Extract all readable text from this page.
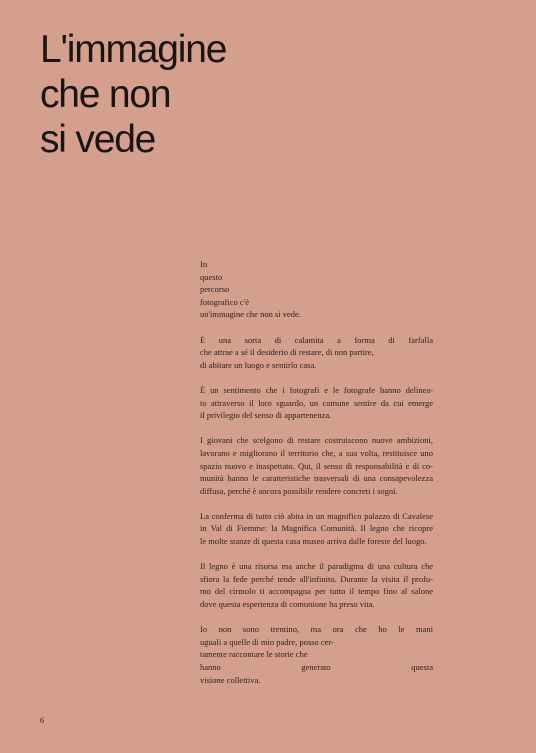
L'immagine
che non
si vede
In
questo
percorso
fotografico c'è
un'immagine che non si vede.
È una sorta di calamita a forma di farfalla
che attrae a sé il desiderio di restare, di non partire,
di abitare un luogo e sentirlo casa.
È un sentimento che i fotografi e le fotografe hanno delinea-
to attraverso il loro sguardo, un comune sentire da cui emerge
il privilegio del senso di appartenenza.
I giovani che scelgono di restare costruiscono nuove ambizioni,
lavorano e migliorano il territorio che, a sua volta, restituisce uno
spazio nuovo e inaspettato. Qui, il senso di responsabilità e di co-
munità hanno le caratteristiche trasversali di una consapevolezza
diffusa, perché è ancora possibile rendere concreti i sogni.
La conferma di tutto ciò abita in un magnifico palazzo di Cavalese
in Val di Fiemme: la Magnifica Comunità. Il legno che ricopre
le molte stanze di questa casa museo arriva dalle foreste del luogo.
Il legno è una risorsa ma anche il paradigma di una cultura che
sfiora la fede perché tende all'infinito. Durante la visita il profu-
mo del cirmolo ti accompagna per tutto il tempo fino al salone
dove questa esperienza di comunione ha preso vita.
Io non sono trentino, ma ora che ho le mani
uguali a quelle di mio padre, posso cer-
tamente raccontare le storie che
hanno generato questa
visione collettiva.
6
